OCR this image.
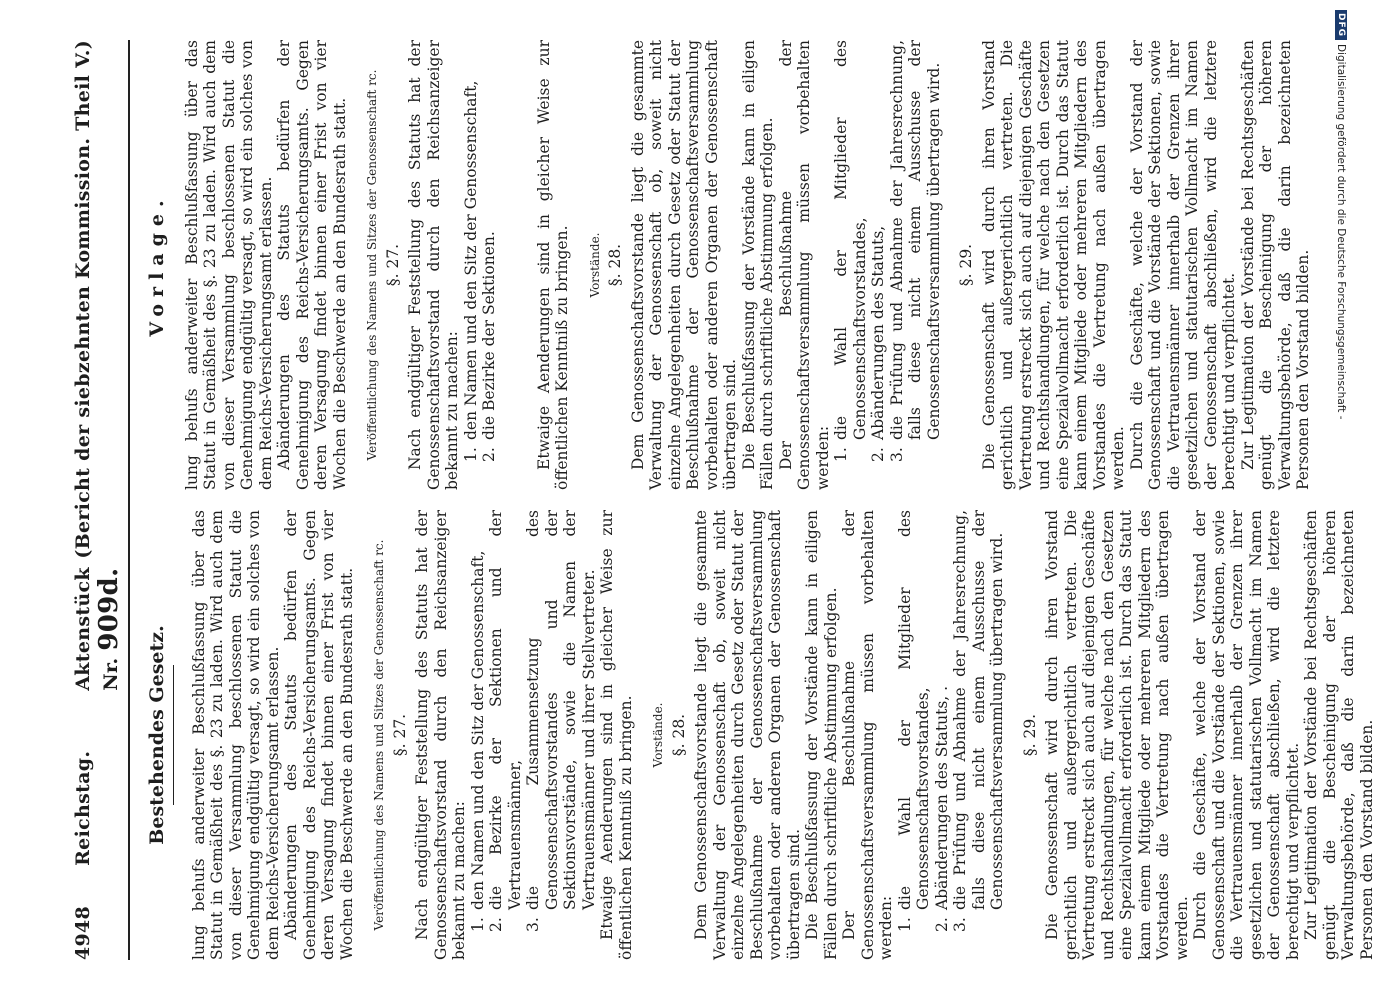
4948
Reichstag.
Aktenstück Nr. 909d.
(Bericht der siebzehnten Kommission. Theil V.)
Bestehendes Gesetz.	lung behufs anderweiter Beschlußfassung über das Statut in Gemäßheit des §. 23 zu laden. Wird auch dem von dieser Versammlung beschlossenen Statut die Genehmigung endgültig versagt, so wird ein solches von dem Reichs-Versicherungsamt erlassen. Abänderungen des Statuts bedürfen der Genehmigung des Reichs-Versicherungsamts. Gegen deren Versagung findet binnen einer Frist von vier Wochen die Beschwerde an den Bundesrath statt. Veröffentlichung des Namens und Sitzes der Genossenschaft rc. §. 27. Nach endgültiger Feststellung des Statuts hat der Genossenschaftsvorstand durch den Reichsanzeiger bekannt zu machen: 1.
den Namen und den Sitz der Genossenschaft,
2.
die Bezirke der Sektionen und der Vertrauensmänner,
3.
die Zusammensetzung des Genossenschaftsvorstandes und der Sektionsvorstände, sowie die Namen der Vertrauensmänner und ihrer Stellvertreter. Etwaige Aenderungen sind in gleicher Weise zur öffentlichen Kenntniß zu bringen. Vorstände. §. 28. Dem Genossenschaftsvorstande liegt die gesammte Verwaltung der Genossenschaft ob, soweit nicht einzelne Angelegenheiten durch Gesetz oder Statut der Beschlußnahme der Genossenschaftsversammlung vorbehalten oder anderen Organen der Genossenschaft übertragen sind. Die Beschlußfassung der Vorstände kann in eiligen Fällen durch schriftliche Abstimmung erfolgen. Der Beschlußnahme der Genossenschaftsversammlung müssen vorbehalten werden: 1.
die Wahl der Mitglieder des Genossenschaftsvorstandes,
2.
Abänderungen des Statuts, .
3.
die Prüfung und Abnahme der Jahresrechnung, falls diese nicht einem Ausschusse der Genossenschaftsversammlung übertragen wird. §. 29. Die Genossenschaft wird durch ihren Vorstand gerichtlich und außergerichtlich vertreten. Die Vertretung erstreckt sich auch auf diejenigen Geschäfte und Rechtshandlungen, für welche nach den Gesetzen eine Spezialvollmacht erforderlich ist. Durch das Statut kann einem Mitgliede oder mehreren Mitgliedern des Vorstandes die Vertretung nach außen übertragen werden. Durch die Geschäfte, welche der Vorstand der Genossenschaft und die Vorstände der Sektionen, sowie die Vertrauensmänner innerhalb der Grenzen ihrer gesetzlichen und statutarischen Vollmacht im Namen der Genossenschaft abschließen, wird die letztere berechtigt und verpflichtet. Zur Legitimation der Vorstände bei Rechtsgeschäften genügt die Bescheinigung der höheren Verwaltungsbehörde, daß die darin bezeichneten Personen den Vorstand bilden.

Vorlage. lung behufs anderweiter Beschlußfassung über das Statut in Gemäßheit des §. 23 zu laden. Wird auch dem von dieser Versammlung beschlossenen Statut die Genehmigung endgültig versagt, so wird ein solches von dem Reichs-Versicherungsamt erlassen. Abänderungen des Statuts bedürfen der Genehmigung des Reichs-Versicherungsamts. Gegen deren Versagung findet binnen einer Frist von vier Wochen die Beschwerde an den Bundesrath statt. Veröffentlichung des Namens und Sitzes der Genossenschaft rc. §. 27. Nach endgültiger Feststellung des Statuts hat der Genossenschaftsvorstand durch den Reichsanzeiger bekannt zu machen: 1.
den Namen und den Sitz der Genossenschaft,
2.
die Bezirke der Sektionen. Etwaige Aenderungen sind in gleicher Weise zur öffentlichen Kenntniß zu bringen. Vorstände. §. 28. Dem Genossenschaftsvorstande liegt die gesammte Verwaltung der Genossenschaft ob, soweit nicht einzelne Angelegenheiten durch Gesetz oder Statut der Beschlußnahme der Genossenschaftsversammlung vorbehalten oder anderen Organen der Genossenschaft übertragen sind. Die Beschlußfassung der Vorstände kann in eiligen Fällen durch schriftliche Abstimmung erfolgen. Der Beschlußnahme der Genossenschaftsversammlung müssen vorbehalten werden: 1.
die Wahl der Mitglieder des Genossenschaftsvorstandes,
2.
Abänderungen des Statuts,
3.
die Prüfung und Abnahme der Jahresrechnung, falls diese nicht einem Ausschusse der Genossenschaftsversammlung übertragen wird. §. 29. Die Genossenschaft wird durch ihren Vorstand gerichtlich und außergerichtlich vertreten. Die Vertretung erstreckt sich auch auf diejenigen Geschäfte und Rechtshandlungen, für welche nach den Gesetzen eine Spezialvollmacht erforderlich ist. Durch das Statut kann einem Mitgliede oder mehreren Mitgliedern des Vorstandes die Vertretung nach außen übertragen werden. Durch die Geschäfte, welche der Vorstand der Genossenschaft und die Vorstände der Sektionen, sowie die Vertrauensmänner innerhalb der Grenzen ihrer gesetzlichen und statutarischen Vollmacht im Namen der Genossenschaft abschließen, wird die letztere berechtigt und verpflichtet. Zur Legitimation der Vorstände bei Rechtsgeschäften genügt die Bescheinigung der höheren Verwaltungsbehörde, daß die darin bezeichneten Personen den Vorstand bilden.

DFG
Digitalisierung gefördert durch die Deutsche Forschungsgemeinschaft -
